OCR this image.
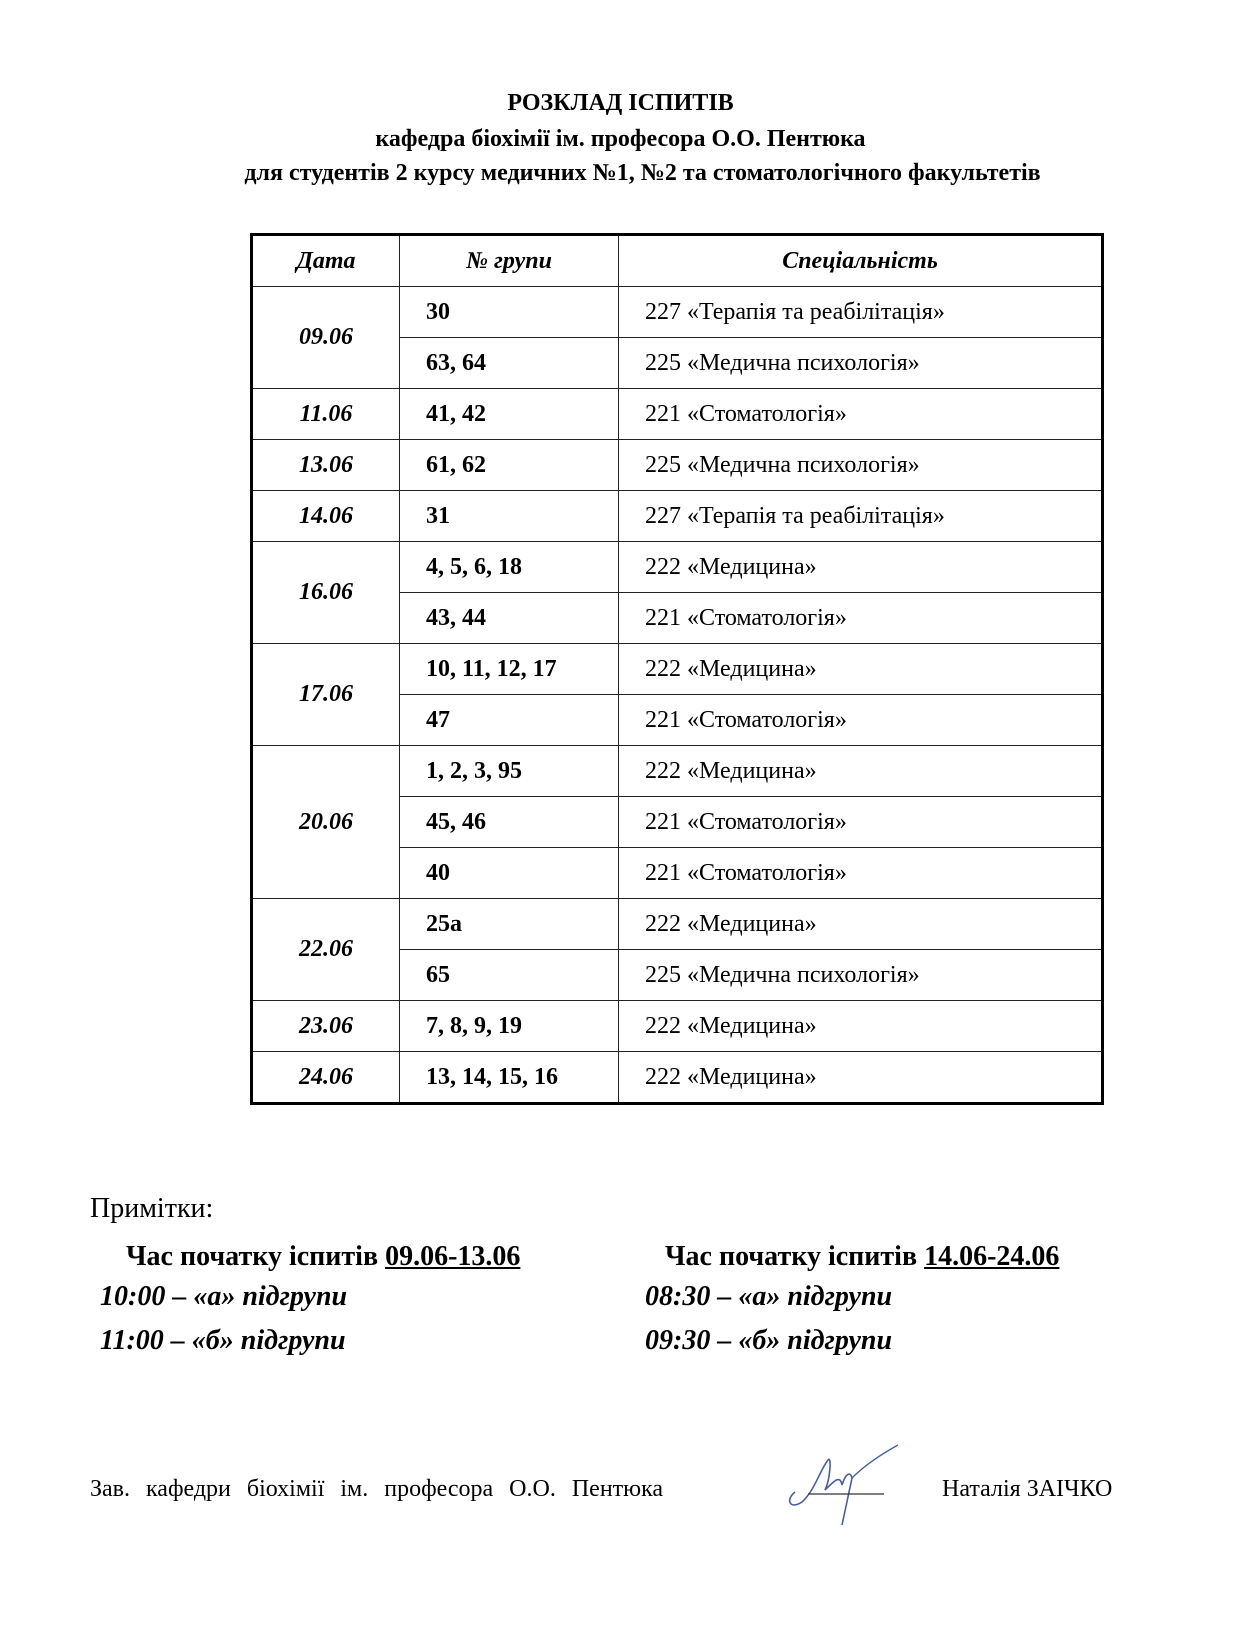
РОЗКЛАД ІСПИТІВ
кафедра біохімії ім. професора О.О. Пентюка
для студентів 2 курсу медичних №1, №2 та стоматологічного факультетів
Дата	№ групи	Спеціальність
09.06	30	227 «Терапія та реабілітація»
	63, 64	225 «Медична психологія»
11.06	41, 42	221 «Стоматологія»
13.06	61, 62	225 «Медична психологія»
14.06	31	227 «Терапія та реабілітація»
16.06	4, 5, 6, 18	222 «Медицина»
	43, 44	221 «Стоматологія»
17.06	10, 11, 12, 17	222 «Медицина»
	47	221 «Стоматологія»
20.06	1, 2, 3, 95	222 «Медицина»
	45, 46	221 «Стоматологія»
	40	221 «Стоматологія»
22.06	25а	222 «Медицина»
	65	225 «Медична психологія»
23.06	7, 8, 9, 19	222 «Медицина»
24.06	13, 14, 15, 16	222 «Медицина»
Примітки:
Час початку іспитів 09.06-13.06
10:00 – «а» підгрупи
11:00 – «б» підгрупи
Час початку іспитів 14.06-24.06
08:30 – «а» підгрупи
09:30 – «б» підгрупи
Зав. кафедри біохімії ім. професора О.О. Пентюка	Наталія ЗАІЧКО
